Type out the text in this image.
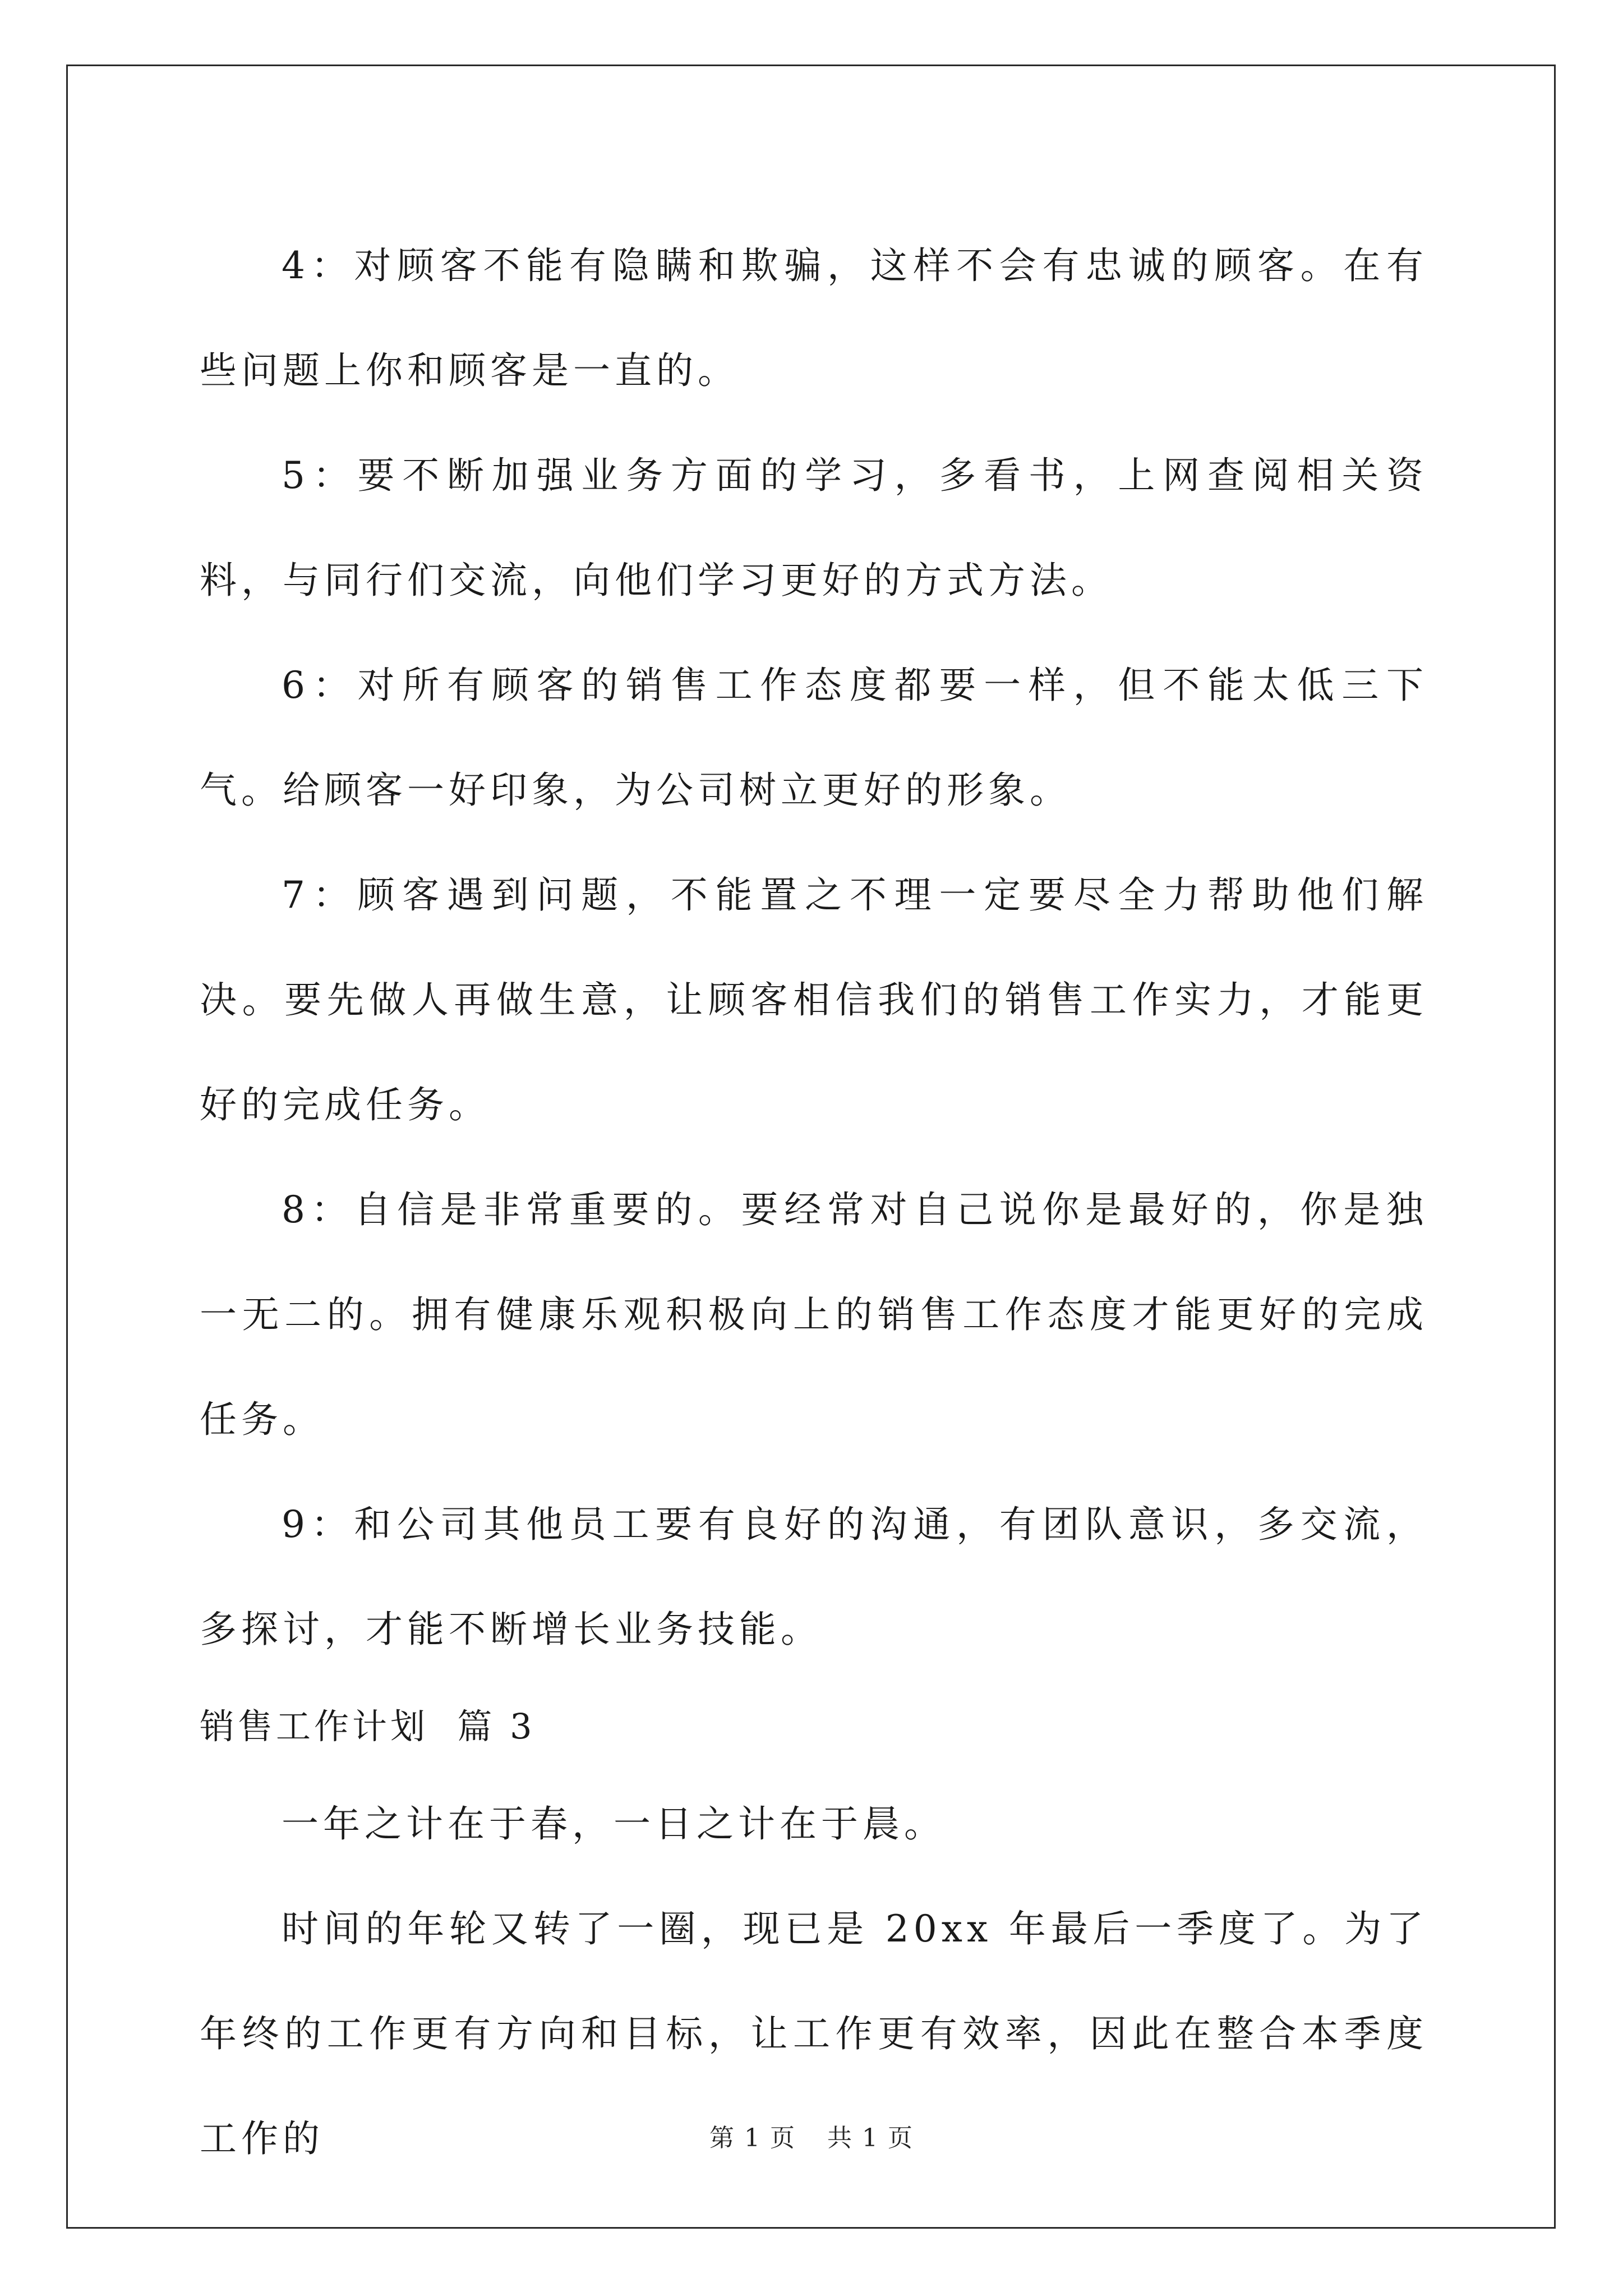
4：对顾客不能有隐瞒和欺骗，这样不会有忠诚的顾客。在有些问题上你和顾客是一直的。

5：要不断加强业务方面的学习，多看书，上网查阅相关资料，与同行们交流，向他们学习更好的方式方法。

6：对所有顾客的销售工作态度都要一样，但不能太低三下气。给顾客一好印象，为公司树立更好的形象。

7：顾客遇到问题，不能置之不理一定要尽全力帮助他们解决。要先做人再做生意，让顾客相信我们的销售工作实力，才能更好的完成任务。

8：自信是非常重要的。要经常对自己说你是最好的，你是独一无二的。拥有健康乐观积极向上的销售工作态度才能更好的完成任务。

9：和公司其他员工要有良好的沟通，有团队意识，多交流，多探讨，才能不断增长业务技能。

销售工作计划  篇 3

一年之计在于春，一日之计在于晨。

时间的年轮又转了一圈，现已是 20xx 年最后一季度了。为了年终的工作更有方向和目标，让工作更有效率，因此在整合本季度工作的	第 1 页 共 1 页
